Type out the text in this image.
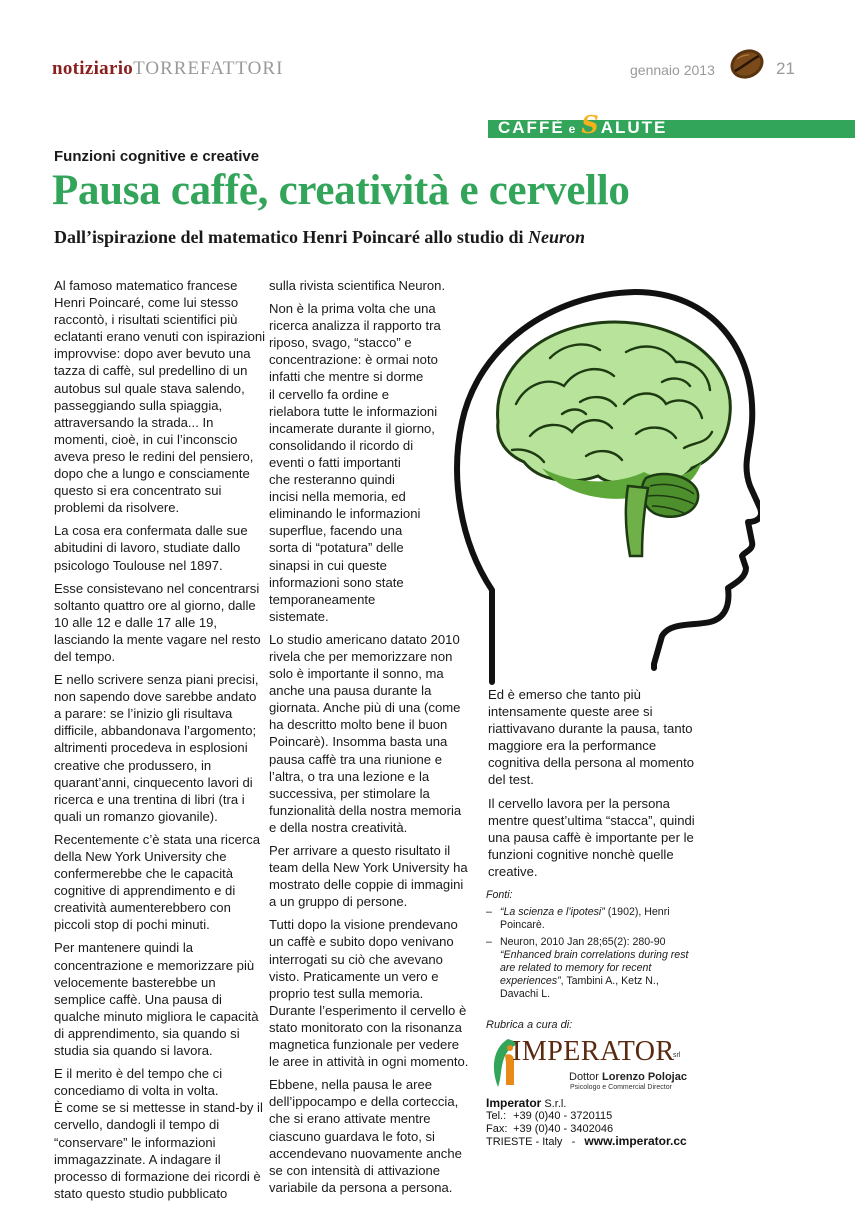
notiziarioTORREFATTORI	gennaio 2013	21
CAFFÈ e SALUTE
Funzioni cognitive e creative
Pausa caffè, creatività e cervello
Dall’ispirazione del matematico Henri Poincaré allo studio di Neuron

Al famoso matematico francese Henri Poincaré, come lui stesso raccontò, i risultati scientifici più eclatanti erano venuti con ispirazioni improvvise: dopo aver bevuto una tazza di caffè, sul predellino di un autobus sul quale stava salendo, passeggiando sulla spiaggia, attraversando la strada... In momenti, cioè, in cui l’inconscio aveva preso le redini del pensiero, dopo che a lungo e consciamente questo si era concentrato sui problemi da risolvere.

La cosa era confermata dalle sue abitudini di lavoro, studiate dallo psicologo Toulouse nel 1897.

Esse consistevano nel concentrarsi soltanto quattro ore al giorno, dalle 10 alle 12 e dalle 17 alle 19, lasciando la mente vagare nel resto del tempo.

E nello scrivere senza piani precisi, non sapendo dove sarebbe andato a parare: se l’inizio gli risultava difficile, abbandonava l’argomento; altrimenti procedeva in esplosioni creative che produssero, in quarant’anni, cinquecento lavori di ricerca e una trentina di libri (tra i quali un romanzo giovanile).

Recentemente c’è stata una ricerca della New York University che confermerebbe che le capacità cognitive di apprendimento e di creatività aumenterebbero con piccoli stop di pochi minuti.

Per mantenere quindi la concentrazione e memorizzare più velocemente basterebbe un semplice caffè. Una pausa di qualche minuto migliora le capacità di apprendimento, sia quando si studia sia quando si lavora.

E il merito è del tempo che ci concediamo di volta in volta.

È come se si mettesse in stand-by il cervello, dandogli il tempo di “conservare” le informazioni immagazzinate. A indagare il processo di formazione dei ricordi è stato questo studio pubblicato

sulla rivista scientifica Neuron.

Non è la prima volta che una
ricerca analizza il rapporto tra
riposo, svago, “stacco” e
concentrazione: è ormai noto
infatti che mentre si dorme
il cervello fa ordine e
rielabora tutte le informazioni
incamerate durante il giorno,
consolidando il ricordo di
eventi o fatti importanti
che resteranno quindi
incisi nella memoria, ed
eliminando le informazioni
superflue, facendo una
sorta di “potatura” delle
sinapsi in cui queste
informazioni sono state
temporaneamente
sistemate.

Lo studio americano datato 2010 rivela che per memorizzare non solo è importante il sonno, ma anche una pausa durante la giornata. Anche più di una (come ha descritto molto bene il buon Poincarè). Insomma basta una pausa caffè tra una riunione e l’altra, o tra una lezione e la successiva, per stimolare la funzionalità della nostra memoria e della nostra creatività.

Per arrivare a questo risultato il team della New York University ha mostrato delle coppie di immagini a un gruppo di persone.

Tutti dopo la visione prendevano un caffè e subito dopo venivano interrogati su ciò che avevano visto. Praticamente un vero e proprio test sulla memoria. Durante l’esperimento il cervello è stato monitorato con la risonanza magnetica funzionale per vedere le aree in attività in ogni momento.

Ebbene, nella pausa le aree dell’ippocampo e della corteccia, che si erano attivate mentre ciascuno guardava le foto, si accendevano nuovamente anche se con intensità di attivazione variabile da persona a persona.

Ed è emerso che tanto più intensamente queste aree si riattivavano durante la pausa, tanto maggiore era la performance cognitiva della persona al momento del test.

Il cervello lavora per la persona mentre quest’ultima “stacca”, quindi una pausa caffè è importante per le funzioni cognitive nonchè quelle creative.

Fonti:
– “La scienza e l’ipotesi” (1902), Henri Poincarè.
– Neuron, 2010 Jan 28;65(2): 280-90 “Enhanced brain correlations during rest are related to memory for recent experiences”, Tambini A., Ketz N., Davachi L.
Rubrica a cura di:
IMPERATOR
srl
Dottor Lorenzo Polojac
Psicologo e Commercial Director
Imperator S.r.l.
Tel.: +39 (0)40 - 3720115
Fax: +39 (0)40 - 3402046
TRIESTE - Italy - www.imperator.cc
